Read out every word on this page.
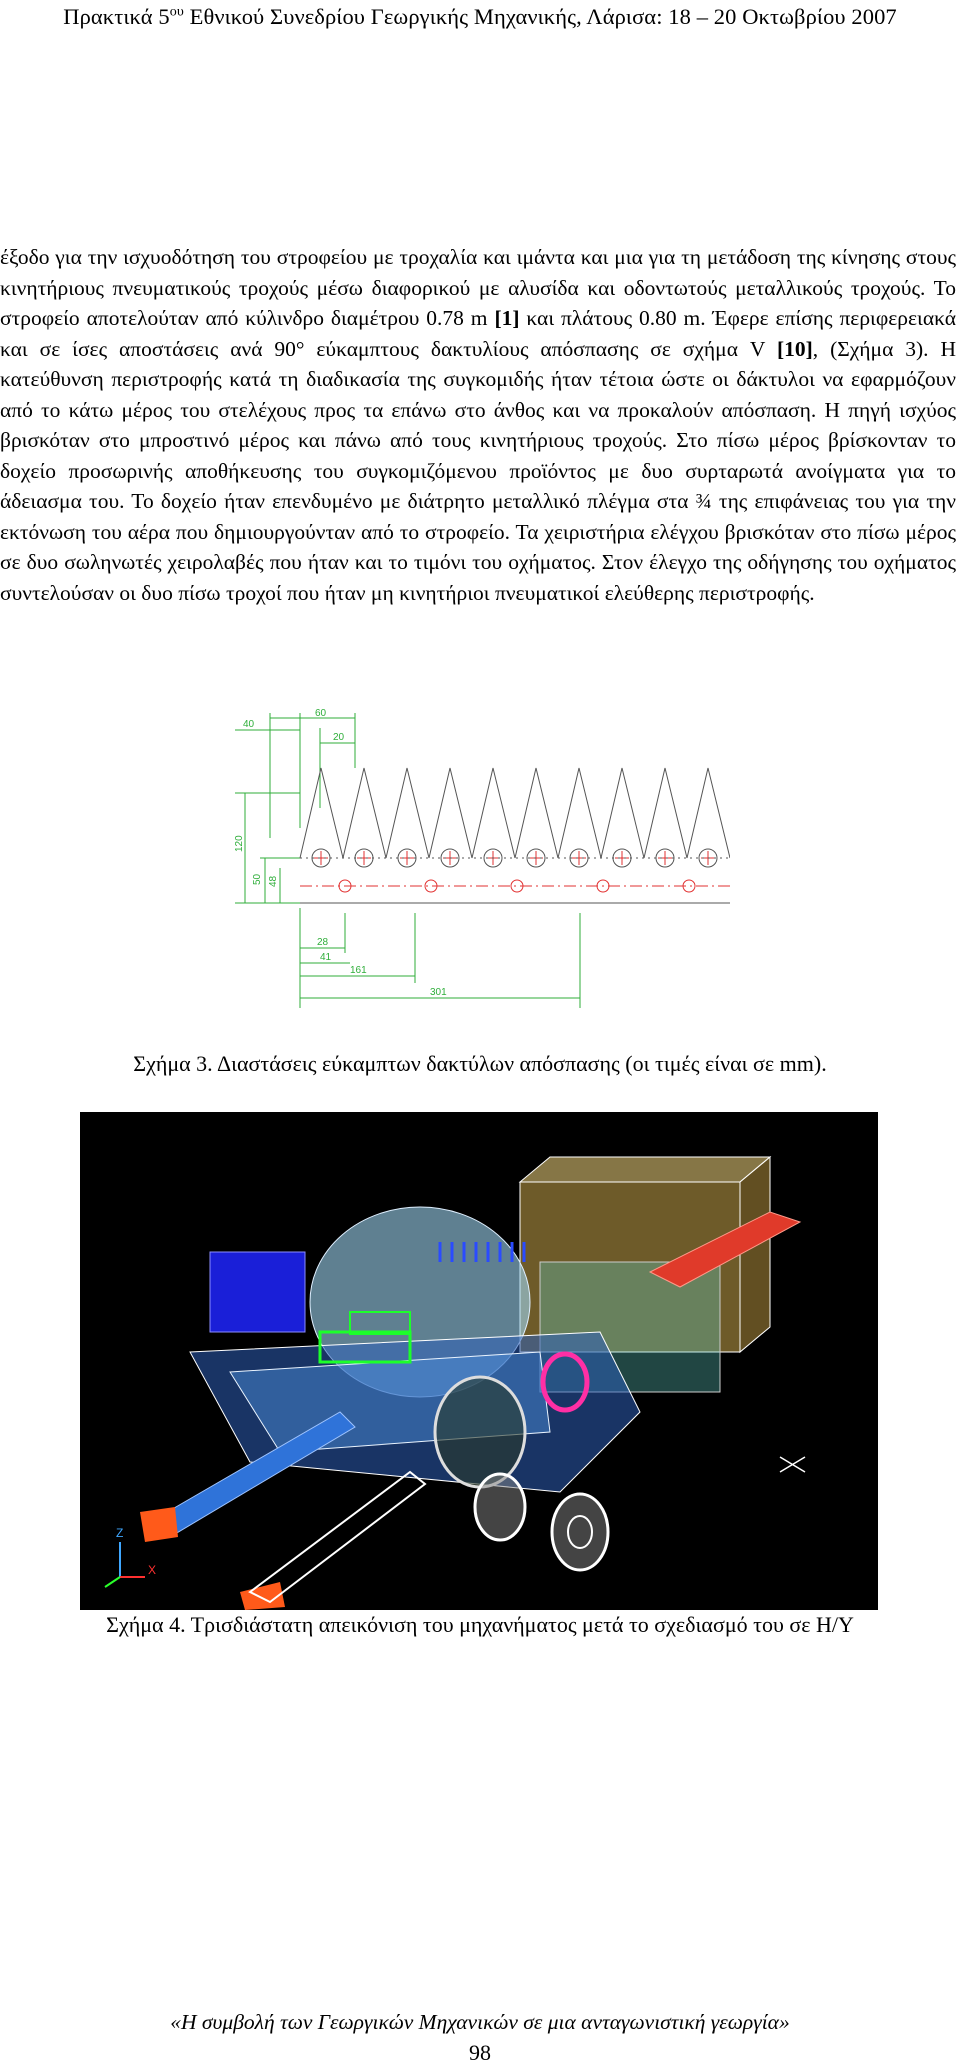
Πρακτικά $5^{o\upsilon}$ Εθνικού Συνεδρίου Γεωργικής Μηχανικής, Λάρισα: 18 – 20 Οκτωβρίου 2007
έξοδο για την ισχυοδότηση του στροφείου με τροχαλία και ιμάντα και μια για τη μετάδοση της κίνησης στους κινητήριους πνευματικούς τροχούς μέσω διαφορικού με αλυσίδα και οδοντωτούς μεταλλικούς τροχούς. Το στροφείο αποτελούταν από κύλινδρο διαμέτρου 0.78 m [1] και πλάτους 0.80 m. Έφερε επίσης περιφερειακά και σε ίσες αποστάσεις ανά 90° εύκαμπτους δακτυλίους απόσπασης σε σχήμα V [10], (Σχήμα 3). Η κατεύθυνση περιστροφής κατά τη διαδικασία της συγκομιδής ήταν τέτοια ώστε οι δάκτυλοι να εφαρμόζουν από το κάτω μέρος του στελέχους προς τα επάνω στο άνθος και να προκαλούν απόσπαση. Η πηγή ισχύος βρισκόταν στο μπροστινό μέρος και πάνω από τους κινητήριους τροχούς. Στο πίσω μέρος βρίσκονταν το δοχείο προσωρινής αποθήκευσης του συγκομιζόμενου προϊόντος με δυο συρταρωτά ανοίγματα για το άδειασμα του. Το δοχείο ήταν επενδυμένο με διάτρητο μεταλλικό πλέγμα στα ¾ της επιφάνειας του για την εκτόνωση του αέρα που δημιουργούνταν από το στροφείο. Τα χειριστήρια ελέγχου βρισκόταν στο πίσω μέρος σε δυο σωληνωτές χειρολαβές που ήταν και το τιμόνι του οχήματος. Στον έλεγχο της οδήγησης του οχήματος συντελούσαν οι δυο πίσω τροχοί που ήταν μη κινητήριοι πνευματικοί ελεύθερης περιστροφής.
60
40
20
120
50 48
28
41
161
301
Σχήμα 3. Διαστάσεις εύκαμπτων δακτύλων απόσπασης (οι τιμές είναι σε mm).
Z
X
Σχήμα 4. Τρισδιάστατη απεικόνιση του μηχανήματος μετά το σχεδιασμό του σε Η/Υ
«Η συμβολή των Γεωργικών Μηχανικών σε μια ανταγωνιστική γεωργία»
98
